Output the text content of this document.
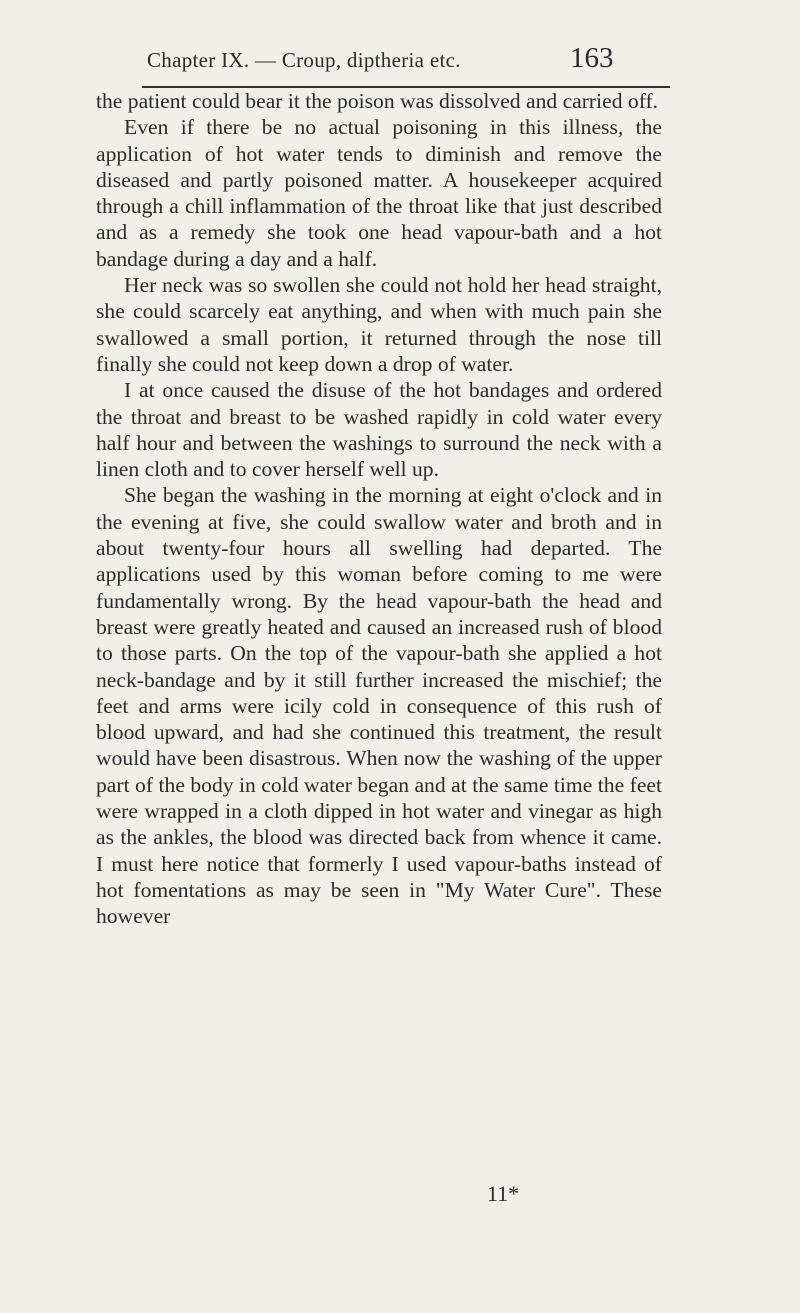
Chapter IX. — Croup, diptheria etc.	163

the patient could bear it the poison was dissolved and carried off.

Even if there be no actual poisoning in this illness, the application of hot water tends to diminish and remove the diseased and partly poisoned matter. A housekeeper acquired through a chill inflammation of the throat like that just described and as a remedy she took one head vapour-bath and a hot bandage during a day and a half.

Her neck was so swollen she could not hold her head straight, she could scarcely eat anything, and when with much pain she swallowed a small portion, it returned through the nose till finally she could not keep down a drop of water.

I at once caused the disuse of the hot bandages and ordered the throat and breast to be washed rapidly in cold water every half hour and between the washings to surround the neck with a linen cloth and to cover herself well up.

She began the washing in the morning at eight o'clock and in the evening at five, she could swallow water and broth and in about twenty-four hours all swelling had departed. The applications used by this woman before coming to me were fundamentally wrong. By the head vapour-bath the head and breast were greatly heated and caused an increased rush of blood to those parts. On the top of the vapour-bath she applied a hot neck-bandage and by it still further increased the mischief; the feet and arms were icily cold in consequence of this rush of blood upward, and had she continued this treatment, the result would have been disastrous. When now the washing of the upper part of the body in cold water began and at the same time the feet were wrapped in a cloth dipped in hot water and vinegar as high as the ankles, the blood was directed back from whence it came. I must here notice that formerly I used vapour-baths instead of hot fomentations as may be seen in "My Water Cure". These however

11*
